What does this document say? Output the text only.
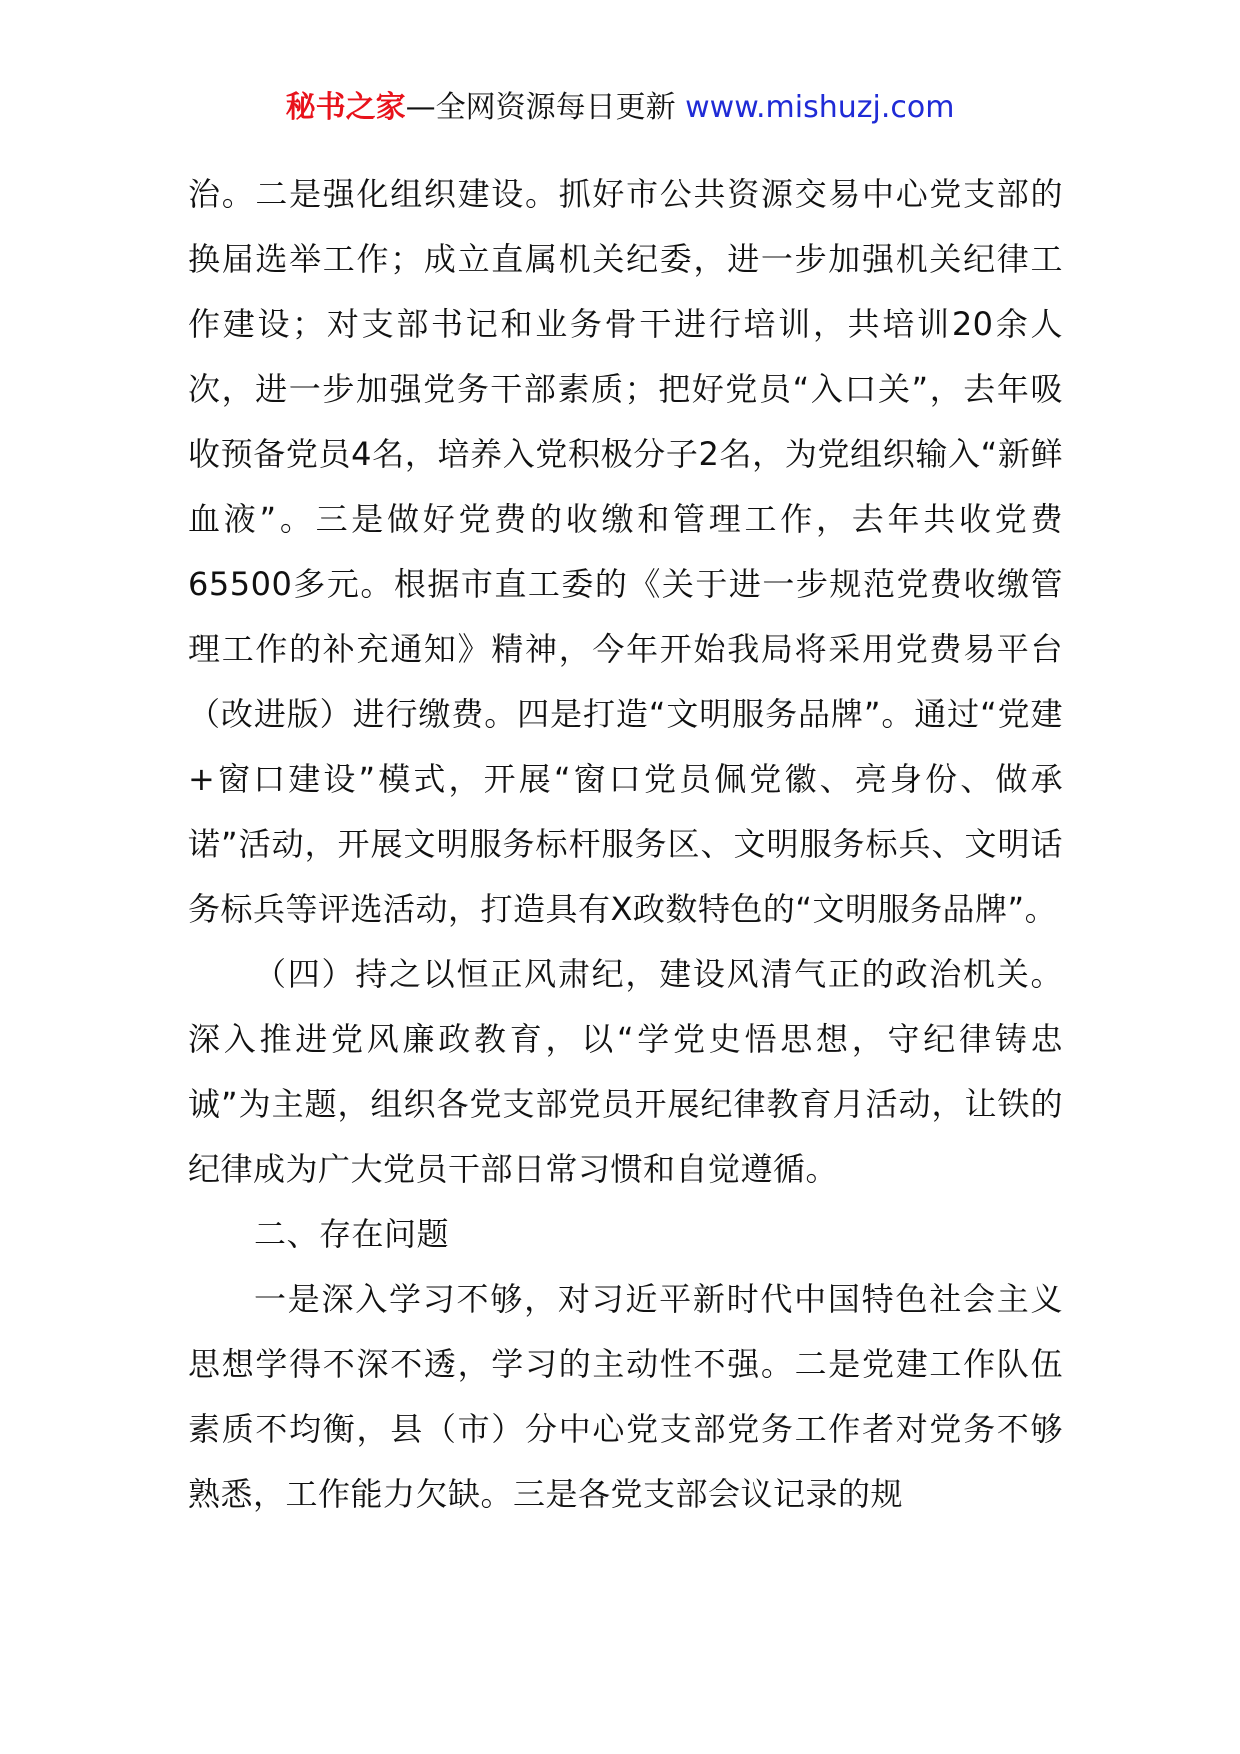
秘书之家—全网资源每日更新 www.mishuzj.com

治。二是强化组织建设。抓好市公共资源交易中心党支部的换届选举工作；成立直属机关纪委，进一步加强机关纪律工作建设；对支部书记和业务骨干进行培训，共培训20余人次，进一步加强党务干部素质；把好党员“入口关”，去年吸收预备党员4名，培养入党积极分子2名，为党组织输入“新鲜血液”。三是做好党费的收缴和管理工作，去年共收党费65500多元。根据市直工委的《关于进一步规范党费收缴管理工作的补充通知》精神，今年开始我局将采用党费易平台（改进版）进行缴费。四是打造“文明服务品牌”。通过“党建+窗口建设”模式，开展“窗口党员佩党徽、亮身份、做承诺”活动，开展文明服务标杆服务区、文明服务标兵、文明话务标兵等评选活动，打造具有X政数特色的“文明服务品牌”。

（四）持之以恒正风肃纪，建设风清气正的政治机关。深入推进党风廉政教育，以“学党史悟思想，守纪律铸忠诚”为主题，组织各党支部党员开展纪律教育月活动，让铁的纪律成为广大党员干部日常习惯和自觉遵循。

二、存在问题

一是深入学习不够，对习近平新时代中国特色社会主义思想学得不深不透，学习的主动性不强。二是党建工作队伍素质不均衡，县（市）分中心党支部党务工作者对党务不够熟悉，工作能力欠缺。三是各党支部会议记录的规
